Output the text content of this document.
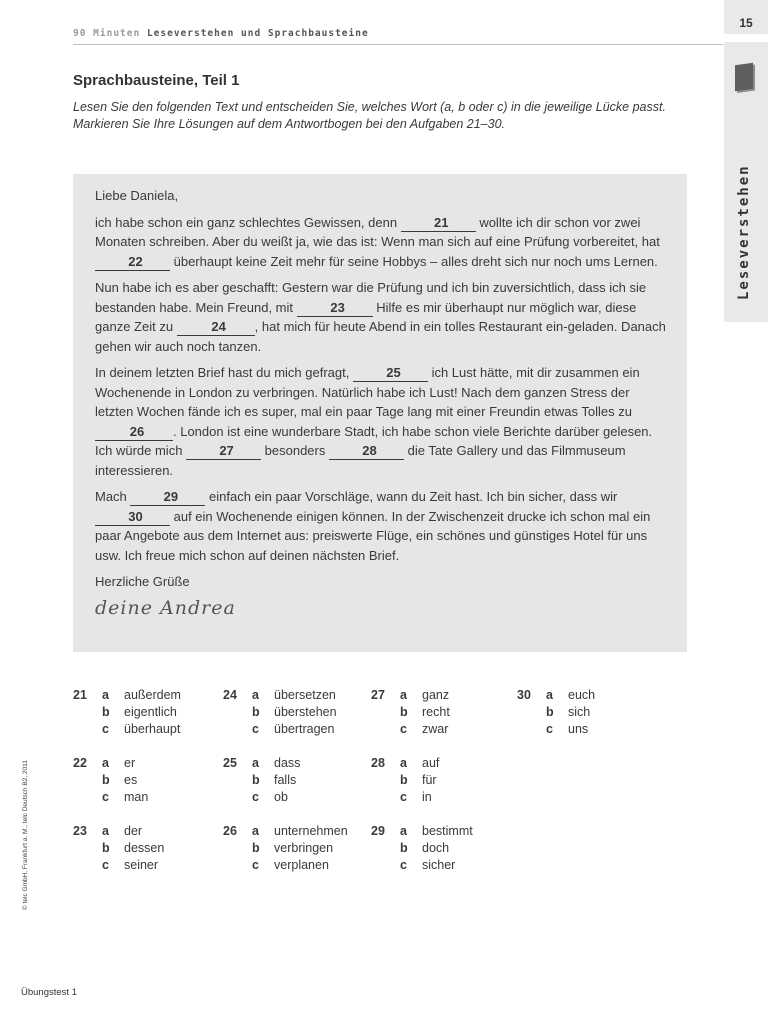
90 Minuten Leseverstehen und Sprachbausteine
15
Leseverstehen
Sprachbausteine, Teil 1
Lesen Sie den folgenden Text und entscheiden Sie, welches Wort (a, b oder c) in die jeweilige Lücke passt. Markieren Sie Ihre Lösungen auf dem Antwortbogen bei den Aufgaben 21–30.

Liebe Daniela,

ich habe schon ein ganz schlechtes Gewissen, denn	21 wollte ich dir schon vor zwei Monaten schreiben. Aber du weißt ja, wie das ist: Wenn man sich auf eine Prüfung vorbereitet, hat 22 überhaupt keine Zeit mehr für seine Hobbys – alles dreht sich nur noch ums Lernen.

Nun habe ich es aber geschafft: Gestern war die Prüfung und ich bin zuversichtlich, dass ich sie bestanden habe. Mein Freund, mit	23 Hilfe es mir überhaupt nur möglich war, diese ganze Zeit zu	24 , hat mich für heute Abend in ein tolles Restaurant ein-geladen. Danach gehen wir auch noch tanzen.

In deinem letzten Brief hast du mich gefragt,	25 ich Lust hätte, mit dir zusammen ein Wochenende in London zu verbringen. Natürlich habe ich Lust! Nach dem ganzen Stress der letzten Wochen fände ich es super, mal ein paar Tage lang mit einer Freundin etwas Tolles zu 26 . London ist eine wunderbare Stadt, ich habe schon viele Berichte darüber gelesen. Ich würde mich	27 besonders	28 die Tate Gallery und das Filmmuseum interessieren.

Mach	29 einfach ein paar Vorschläge, wann du Zeit hast. Ich bin sicher, dass wir 30 auf ein Wochenende einigen können. In der Zwischenzeit drucke ich schon mal ein paar Angebote aus dem Internet aus: preiswerte Flüge, ein schönes und günstiges Hotel für uns usw. Ich freue mich schon auf deinen nächsten Brief.

Herzliche Grüße

deine Andrea
21 a außerdem
b eigentlich
c überhaupt
22 a er
b es
c man
23 a der
b dessen
c seiner
24 a übersetzen
b überstehen
c übertragen
25 a dass
b falls
c ob
26 a unternehmen
b verbringen
c verplanen
27 a ganz
b recht
c zwar
28 a auf
b für
c in
29 a bestimmt
b doch
c sicher
30 a euch
b sich
c uns
© telc GmbH, Frankfurt a. M., telc Deutsch B2, 2011
Übungstest 1
